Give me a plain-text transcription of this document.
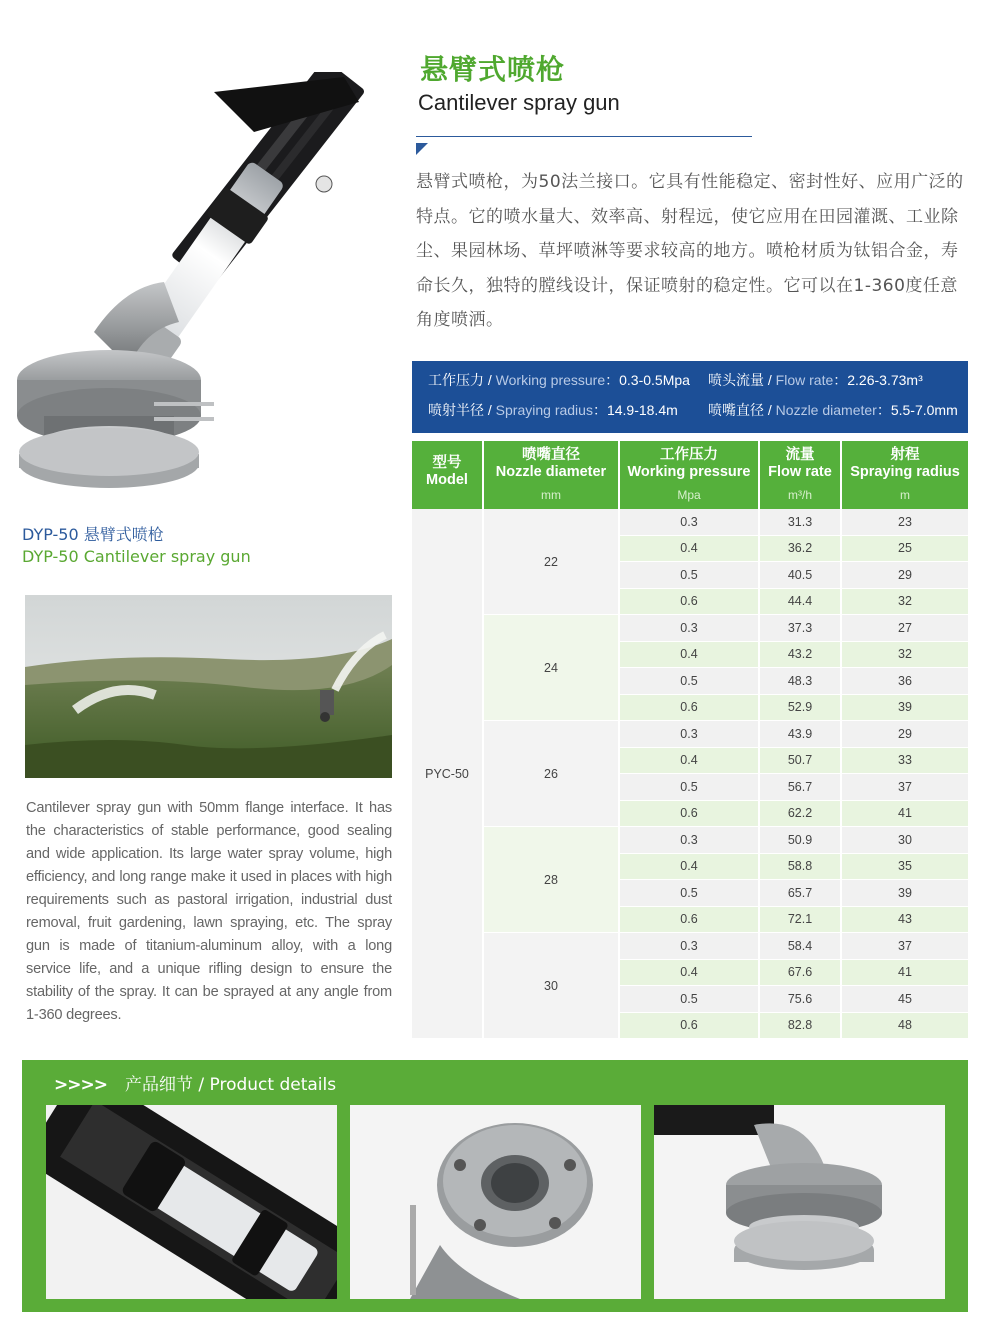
悬臂式喷枪
Cantilever spray gun
悬臂式喷枪，为50法兰接口。它具有性能稳定、密封性好、应用广泛的特点。它的喷水量大、效率高、射程远，使它应用在田园灌溉、工业除尘、果园林场、草坪喷淋等要求较高的地方。喷枪材质为钛铝合金，寿命长久，独特的膛线设计，保证喷射的稳定性。它可以在1-360度任意角度喷洒。
DYP-50 悬臂式喷枪
DYP-50 Cantilever spray gun
Cantilever spray gun with 50mm flange interface. It has the characteristics of stable performance, good sealing and wide application. Its large water spray volume, high efficiency, and long range make it used in places with high requirements such as pastoral irrigation, industrial dust removal, fruit gardening, lawn spraying, etc. The spray gun is made of titanium-aluminum alloy, with a long service life, and a unique rifling design to ensure the stability of the spray. It can be sprayed at any angle from 1-360 degrees.
工作压力 / Working pressure：0.3-0.5Mpa 喷头流量 / Flow rate：2.26-3.73m³
喷射半径 / Spraying radius：14.9-18.4m 喷嘴直径 / Nozzle diameter：5.5-7.0mm
型号
Model	喷嘴直径
Nozzle diameter
mm	工作压力
Working pressure
Mpa	流量
Flow rate
m³/h	射程
Spraying radius
m

PYC-50	22	0.3	31.3	23
		0.4	36.2	25
		0.5	40.5	29
		0.6	44.4	32
	24	0.3	37.3	27
		0.4	43.2	32
		0.5	48.3	36
		0.6	52.9	39
	26	0.3	43.9	29
		0.4	50.7	33
		0.5	56.7	37
		0.6	62.2	41
	28	0.3	50.9	30
		0.4	58.8	35
		0.5	65.7	39
		0.6	72.1	43
	30	0.3	58.4	37
		0.4	67.6	41
		0.5	75.6	45
		0.6	82.8	48
>>>> 产品细节 / Product details
